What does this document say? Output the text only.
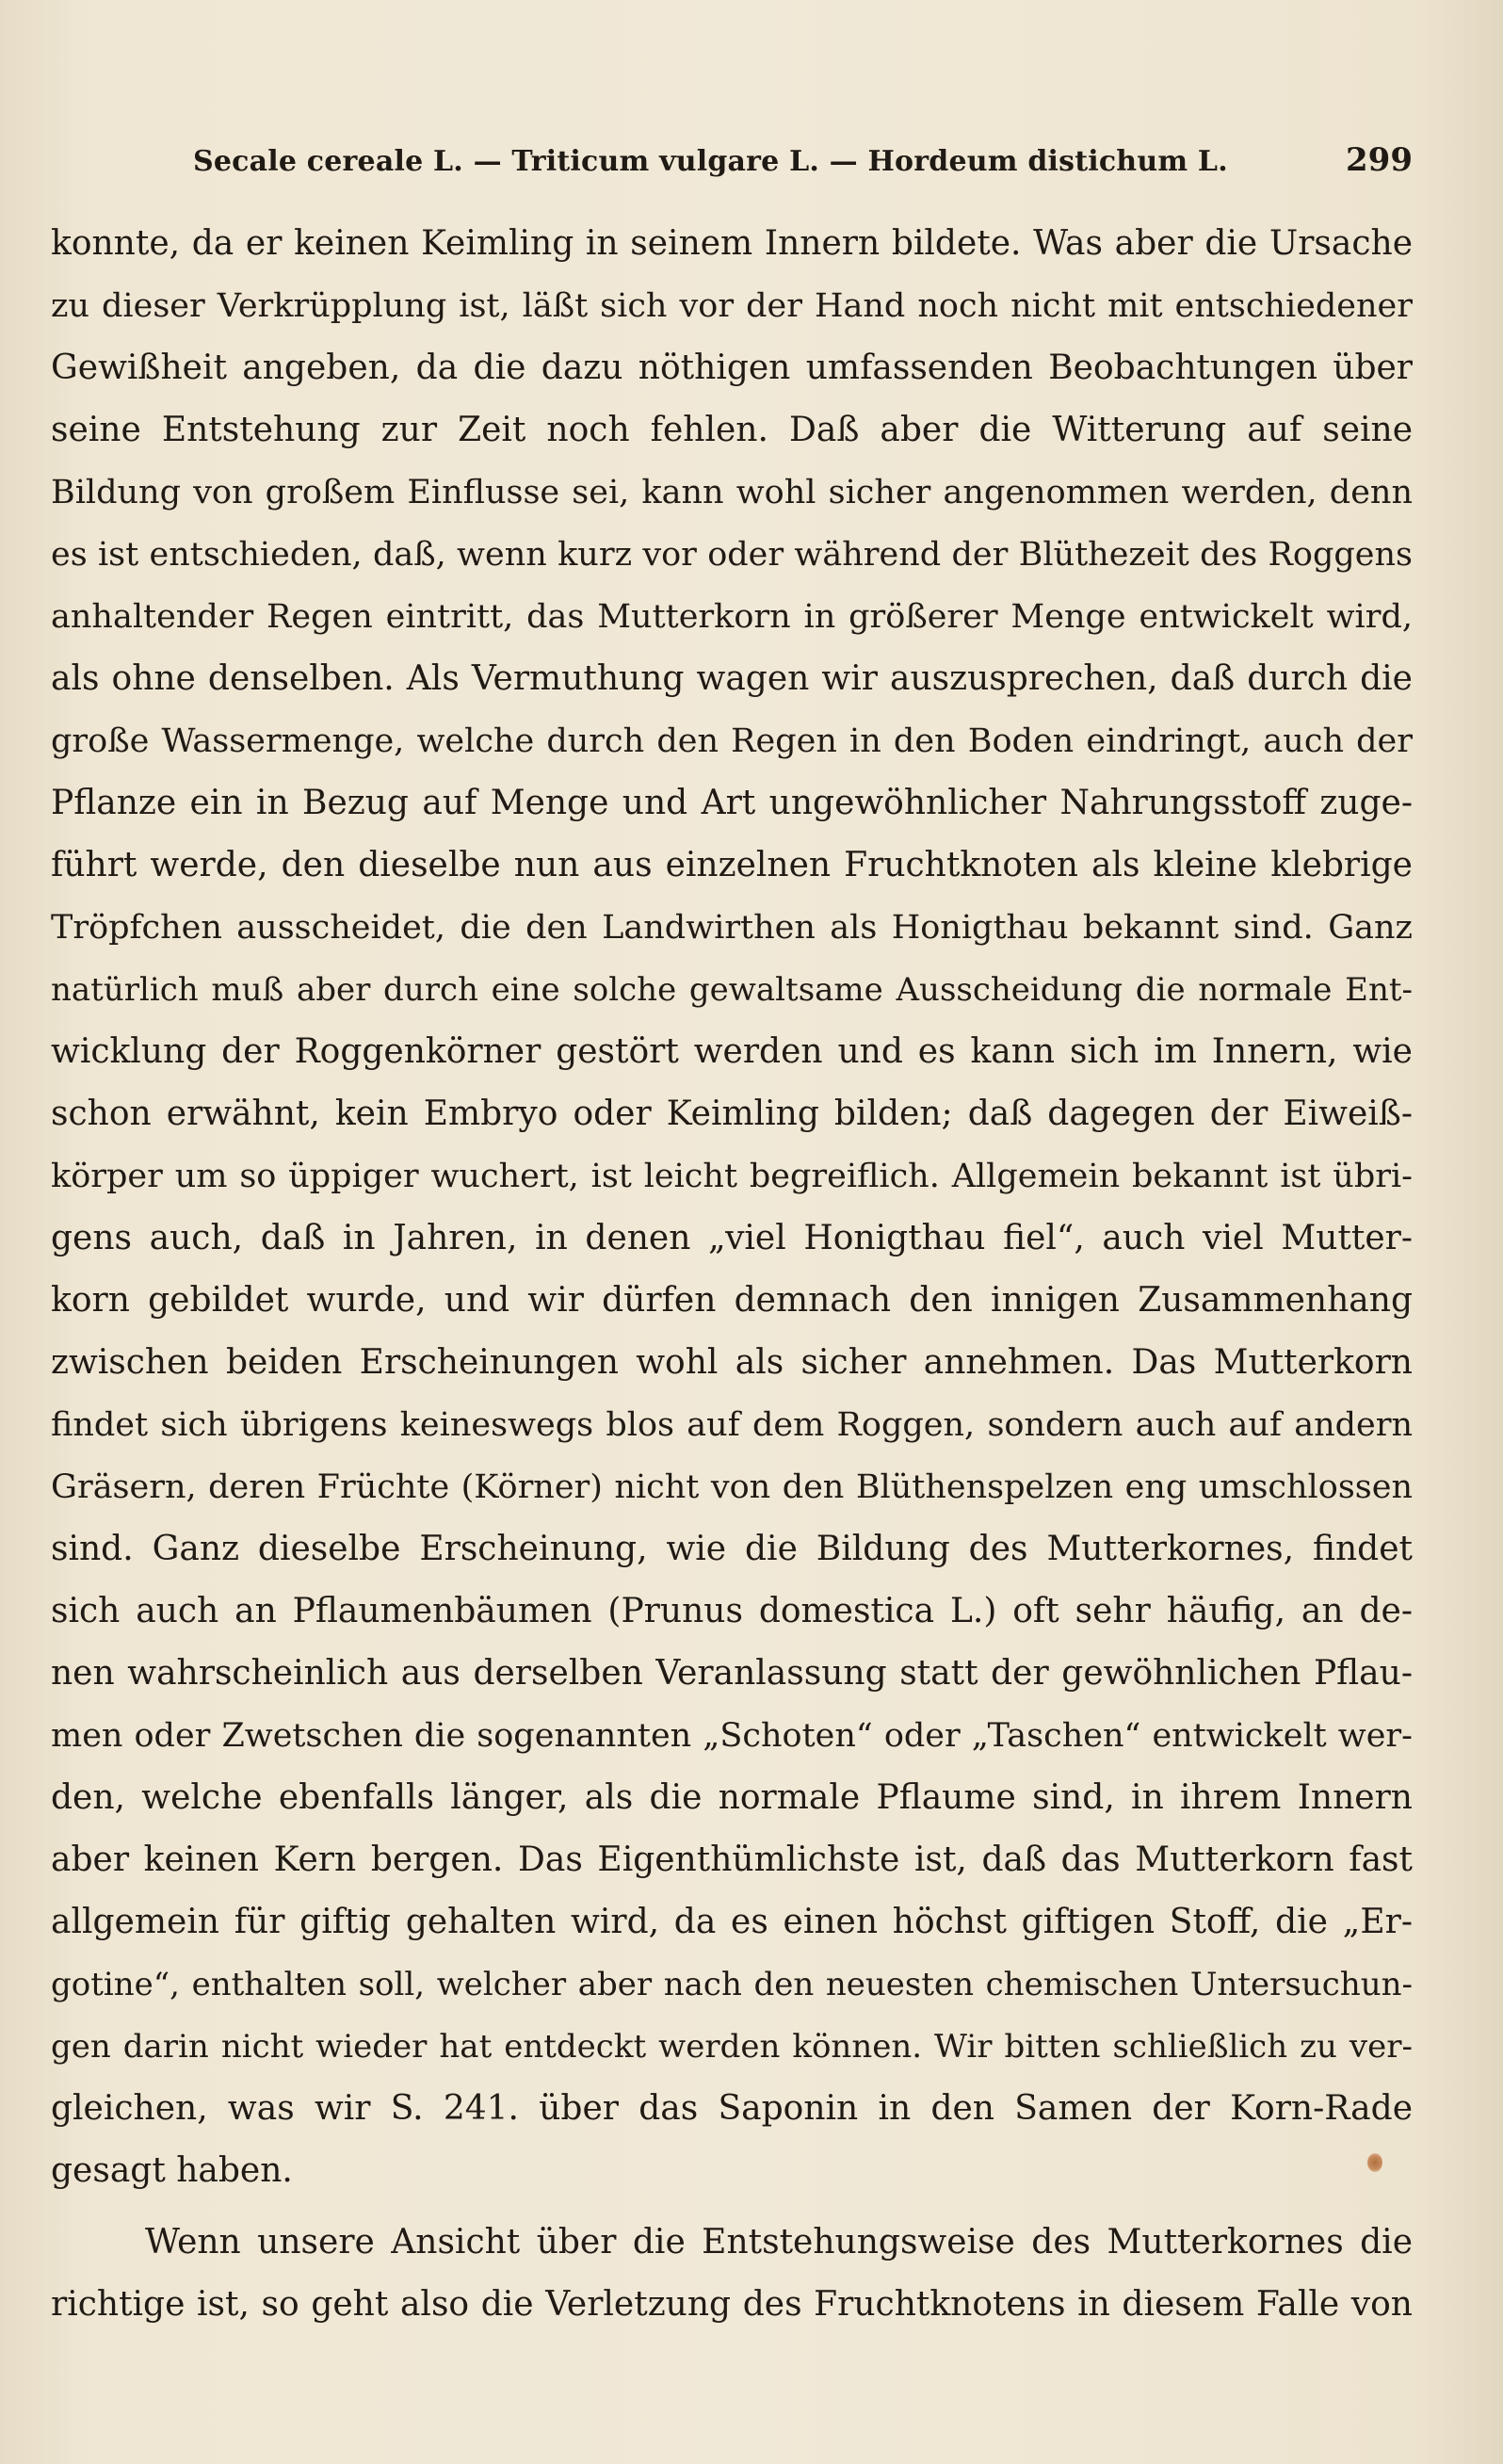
Secale cereale L. — Triticum vulgare L. — Hordeum distichum L.	299
konnte, da er keinen Keimling in seinem Innern bildete. Was aber die Ursache
zu dieser Verkrüpplung ist, läßt sich vor der Hand noch nicht mit entschiedener
Gewißheit angeben, da die dazu nöthigen umfassenden Beobachtungen über
seine Entstehung zur Zeit noch fehlen. Daß aber die Witterung auf seine
Bildung von großem Einflusse sei, kann wohl sicher angenommen werden, denn
es ist entschieden, daß, wenn kurz vor oder während der Blüthezeit des Roggens
anhaltender Regen eintritt, das Mutterkorn in größerer Menge entwickelt wird,
als ohne denselben. Als Vermuthung wagen wir auszusprechen, daß durch die
große Wassermenge, welche durch den Regen in den Boden eindringt, auch der
Pflanze ein in Bezug auf Menge und Art ungewöhnlicher Nahrungsstoff zuge-
führt werde, den dieselbe nun aus einzelnen Fruchtknoten als kleine klebrige
Tröpfchen ausscheidet, die den Landwirthen als Honigthau bekannt sind. Ganz
natürlich muß aber durch eine solche gewaltsame Ausscheidung die normale Ent-
wicklung der Roggenkörner gestört werden und es kann sich im Innern, wie
schon erwähnt, kein Embryo oder Keimling bilden; daß dagegen der Eiweiß-
körper um so üppiger wuchert, ist leicht begreiflich. Allgemein bekannt ist übri-
gens auch, daß in Jahren, in denen „viel Honigthau fiel“, auch viel Mutter-
korn gebildet wurde, und wir dürfen demnach den innigen Zusammenhang
zwischen beiden Erscheinungen wohl als sicher annehmen. Das Mutterkorn
findet sich übrigens keineswegs blos auf dem Roggen, sondern auch auf andern
Gräsern, deren Früchte (Körner) nicht von den Blüthenspelzen eng umschlossen
sind. Ganz dieselbe Erscheinung, wie die Bildung des Mutterkornes, findet
sich auch an Pflaumenbäumen (Prunus domestica L.) oft sehr häufig, an de-
nen wahrscheinlich aus derselben Veranlassung statt der gewöhnlichen Pflau-
men oder Zwetschen die sogenannten „Schoten“ oder „Taschen“ entwickelt wer-
den, welche ebenfalls länger, als die normale Pflaume sind, in ihrem Innern
aber keinen Kern bergen. Das Eigenthümlichste ist, daß das Mutterkorn fast
allgemein für giftig gehalten wird, da es einen höchst giftigen Stoff, die „Er-
gotine“, enthalten soll, welcher aber nach den neuesten chemischen Untersuchun-
gen darin nicht wieder hat entdeckt werden können. Wir bitten schließlich zu ver-
gleichen, was wir S. 241. über das Saponin in den Samen der Korn-Rade
gesagt haben.
Wenn unsere Ansicht über die Entstehungsweise des Mutterkornes die
richtige ist, so geht also die Verletzung des Fruchtknotens in diesem Falle von
